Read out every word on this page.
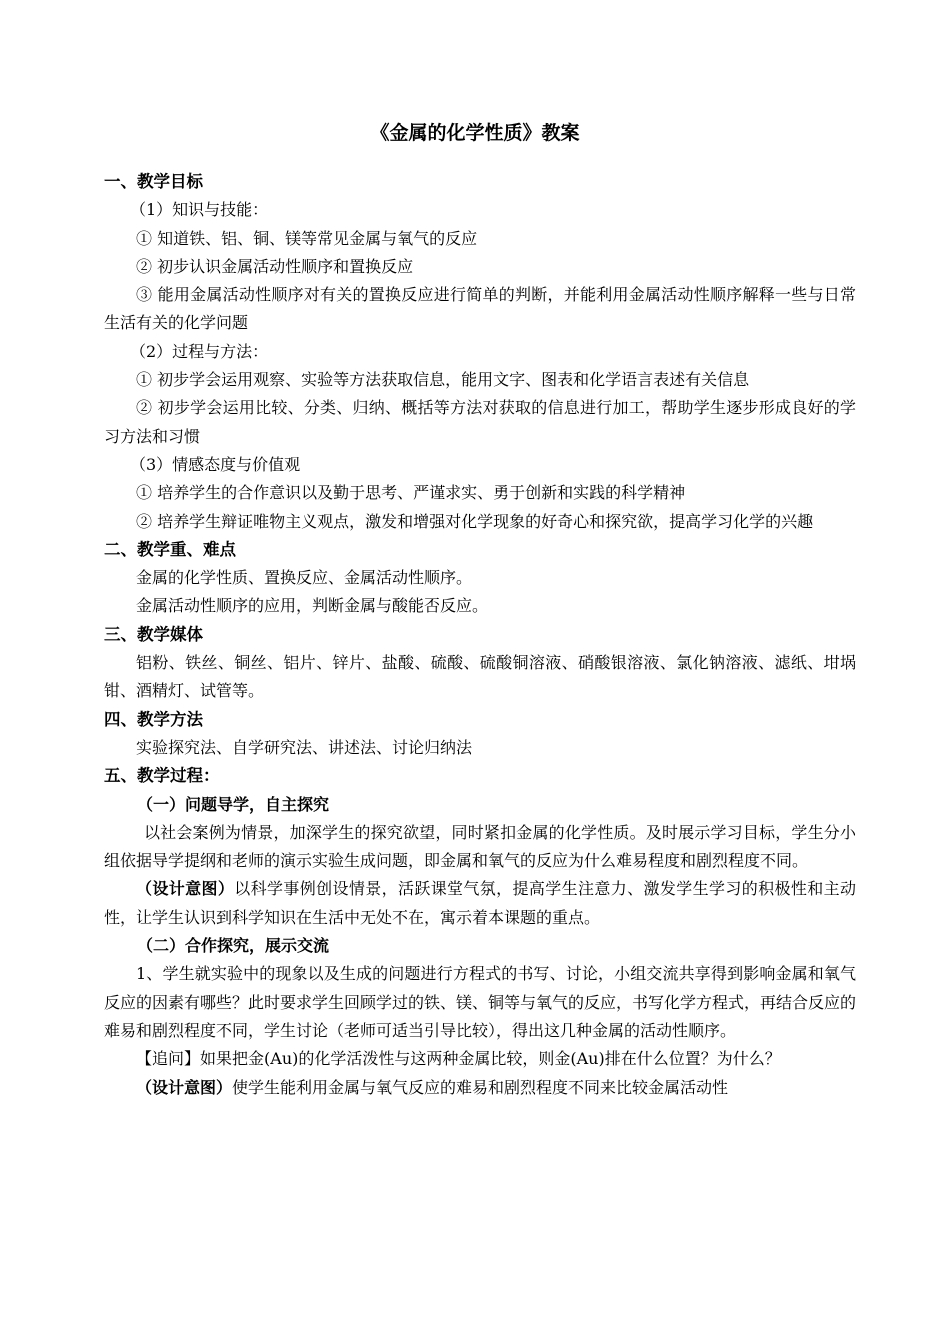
《金属的化学性质》教案
一、教学目标
（1）知识与技能：
① 知道铁、铝、铜、镁等常见金属与氧气的反应
② 初步认识金属活动性顺序和置换反应
③ 能用金属活动性顺序对有关的置换反应进行简单的判断，并能利用金属活动性顺序解释一些与日常生活有关的化学问题
（2）过程与方法：
① 初步学会运用观察、实验等方法获取信息，能用文字、图表和化学语言表述有关信息
② 初步学会运用比较、分类、归纳、概括等方法对获取的信息进行加工，帮助学生逐步形成良好的学习方法和习惯
（3）情感态度与价值观
① 培养学生的合作意识以及勤于思考、严谨求实、勇于创新和实践的科学精神
② 培养学生辩证唯物主义观点，激发和增强对化学现象的好奇心和探究欲，提高学习化学的兴趣
二、教学重、难点
金属的化学性质、置换反应、金属活动性顺序。
金属活动性顺序的应用，判断金属与酸能否反应。
三、教学媒体
铝粉、铁丝、铜丝、铝片、锌片、盐酸、硫酸、硫酸铜溶液、硝酸银溶液、氯化钠溶液、滤纸、坩埚钳、酒精灯、试管等。
四、教学方法
实验探究法、自学研究法、讲述法、讨论归纳法
五、教学过程：
（一）问题导学，自主探究
以社会案例为情景，加深学生的探究欲望，同时紧扣金属的化学性质。及时展示学习目标，学生分小组依据导学提纲和老师的演示实验生成问题，即金属和氧气的反应为什么难易程度和剧烈程度不同。
（设计意图）以科学事例创设情景，活跃课堂气氛，提高学生注意力、激发学生学习的积极性和主动性，让学生认识到科学知识在生活中无处不在，寓示着本课题的重点。
（二）合作探究，展示交流
1、学生就实验中的现象以及生成的问题进行方程式的书写、讨论，小组交流共享得到影响金属和氧气反应的因素有哪些？此时要求学生回顾学过的铁、镁、铜等与氧气的反应，书写化学方程式，再结合反应的难易和剧烈程度不同，学生讨论（老师可适当引导比较），得出这几种金属的活动性顺序。
【追问】如果把金(Au)的化学活泼性与这两种金属比较，则金(Au)排在什么位置？为什么？
（设计意图）使学生能利用金属与氧气反应的难易和剧烈程度不同来比较金属活动性
